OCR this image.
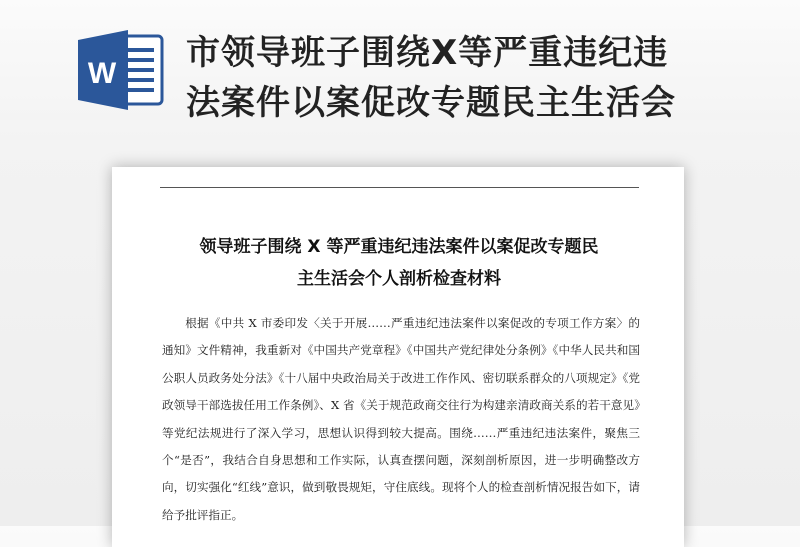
W
市领导班子围绕X等严重违纪违
法案件以案促改专题民主生活会
领导班子围绕 X 等严重违纪违法案件以案促改专题民
主生活会个人剖析检查材料

根据《中共 X 市委印发〈关于开展……严重违纪违法案件以案促改的专项工作方案〉的通知》文件精神，我重新对《中国共产党章程》《中国共产党纪律处分条例》《中华人民共和国公职人员政务处分法》《十八届中央政治局关于改进工作作风、密切联系群众的八项规定》《党政领导干部选拔任用工作条例》、X 省《关于规范政商交往行为构建亲清政商关系的若干意见》等党纪法规进行了深入学习，思想认识得到较大提高。围绕……严重违纪违法案件，聚焦三个“是否”，我结合自身思想和工作实际，认真查摆问题，深刻剖析原因，进一步明确整改方向，切实强化“红线”意识，做到敬畏规矩，守住底线。现将个人的检查剖析情况报告如下，请给予批评指正。
